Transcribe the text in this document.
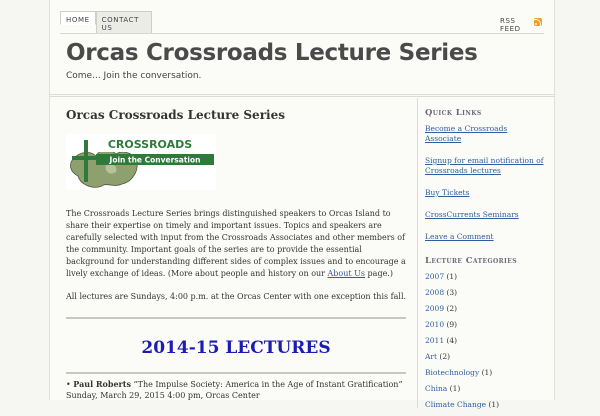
HOME	CONTACT US
RSS FEED
Orcas Crossroads Lecture Series
Come... Join the conversation.
Orcas Crossroads Lecture Series
CROSSROADS
Join the Conversation
The Crossroads Lecture Series brings distinguished speakers to Orcas Island to share their expertise on timely and important issues. Topics and speakers are carefully selected with input from the Crossroads Associates and other members of the community. Important goals of the series are to provide the essential background for understanding different sides of complex issues and to encourage a lively exchange of ideas. (More about people and history on our About Us page.)
All lectures are Sundays, 4:00 p.m. at the Orcas Center with one exception this fall.
2014-15 LECTURES
• Paul Roberts “The Impulse Society: America in the Age of Instant Gratification”
Sunday, March 29, 2015 4:00 pm, Orcas Center
Quick Links
Become a Crossroads Associate
Signup for email notification of Crossroads lectures
Buy Tickets
CrossCurrents Seminars
Leave a Comment
Lecture Categories
2007 (1)
2008 (3)
2009 (2)
2010 (9)
2011 (4)
Art (2)
Biotechnology (1)
China (1)
Climate Change (1)
